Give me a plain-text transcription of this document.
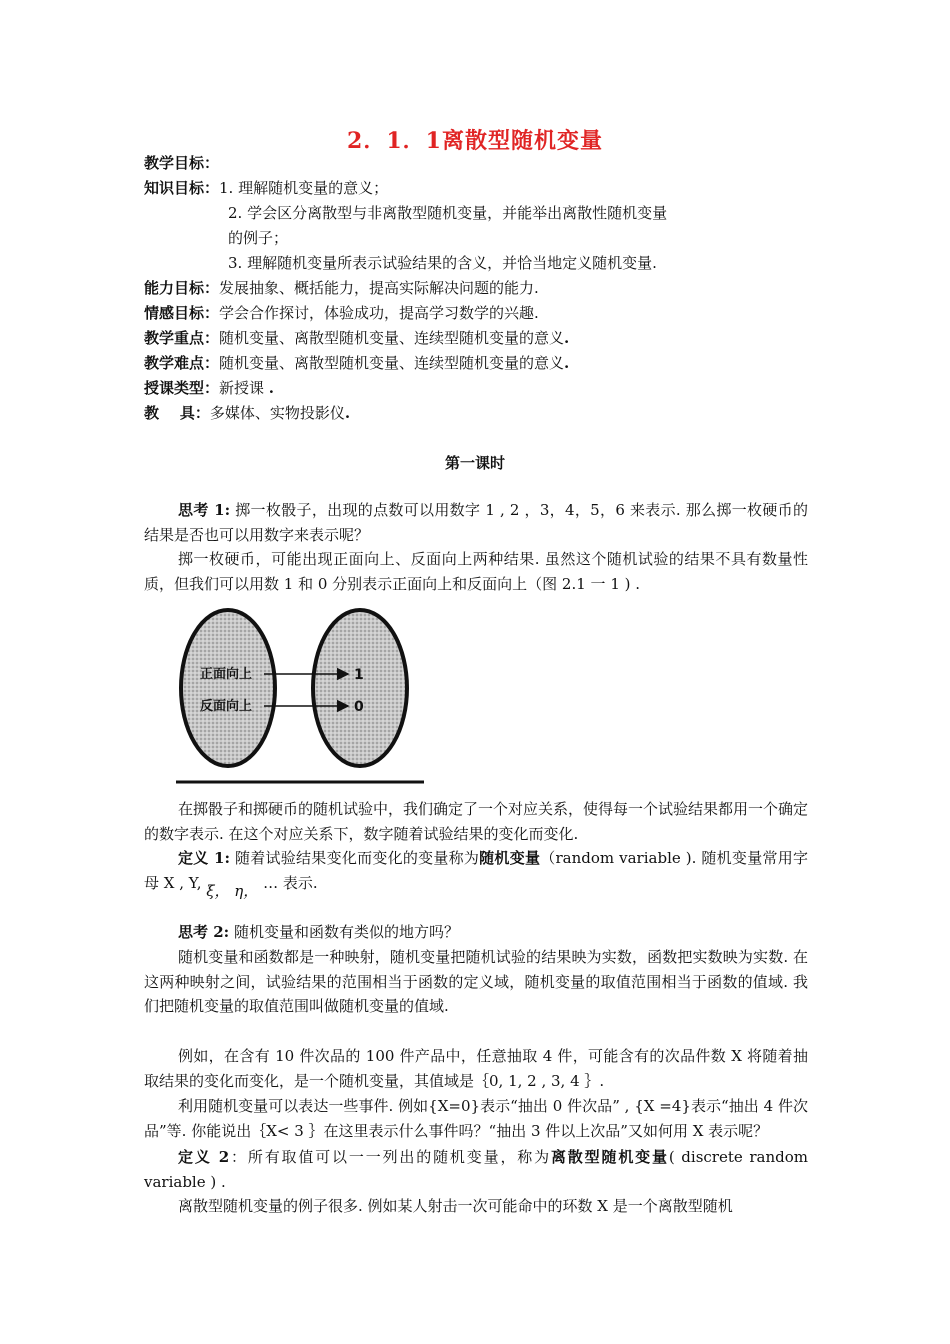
2．1．1离散型随机变量
教学目标：
知识目标：1. 理解随机变量的意义；
2. 学会区分离散型与非离散型随机变量，并能举出离散性随机变量
的例子；
3. 理解随机变量所表示试验结果的含义，并恰当地定义随机变量.
能力目标：发展抽象、概括能力，提高实际解决问题的能力.
情感目标：学会合作探讨，体验成功，提高学习数学的兴趣.
教学重点：随机变量、离散型随机变量、连续型随机变量的意义.
教学难点：随机变量、离散型随机变量、连续型随机变量的意义.
授课类型：新授课 .
教    具：多媒体、实物投影仪.
第一课时
思考 1: 掷一枚骰子，出现的点数可以用数字 1 , 2 ，3，4，5，6 来表示. 那么掷一枚硬币的结果是否也可以用数字来表示呢？
掷一枚硬币，可能出现正面向上、反面向上两种结果. 虽然这个随机试验的结果不具有数量性质，但我们可以用数 1 和 0 分别表示正面向上和反面向上（图 2.1 一 1 ) .
正面向上
反面向上
1
0
在掷骰子和掷硬币的随机试验中，我们确定了一个对应关系，使得每一个试验结果都用一个确定的数字表示. 在这个对应关系下，数字随着试验结果的变化而变化.
定义 1: 随着试验结果变化而变化的变量称为随机变量（random variable ). 随机变量常用字母 X , Y, ξ， η， … 表示.
思考 2: 随机变量和函数有类似的地方吗？
随机变量和函数都是一种映射，随机变量把随机试验的结果映为实数，函数把实数映为实数. 在这两种映射之间，试验结果的范围相当于函数的定义域，随机变量的取值范围相当于函数的值域. 我们把随机变量的取值范围叫做随机变量的值域.
例如，在含有 10 件次品的 100 件产品中，任意抽取 4 件，可能含有的次品件数 X 将随着抽取结果的变化而变化，是一个随机变量，其值域是｛0, 1, 2 , 3, 4 ｝.
利用随机变量可以表达一些事件. 例如{X=0}表示“抽出 0 件次品” , {X =4}表示“抽出 4 件次品”等. 你能说出｛X< 3 ｝在这里表示什么事件吗？“抽出 3 件以上次品”又如何用 X 表示呢？
定义 2：所有取值可以一一列出的随机变量，称为离散型随机变量( discrete random variable ) .
离散型随机变量的例子很多. 例如某人射击一次可能命中的环数 X 是一个离散型随机
